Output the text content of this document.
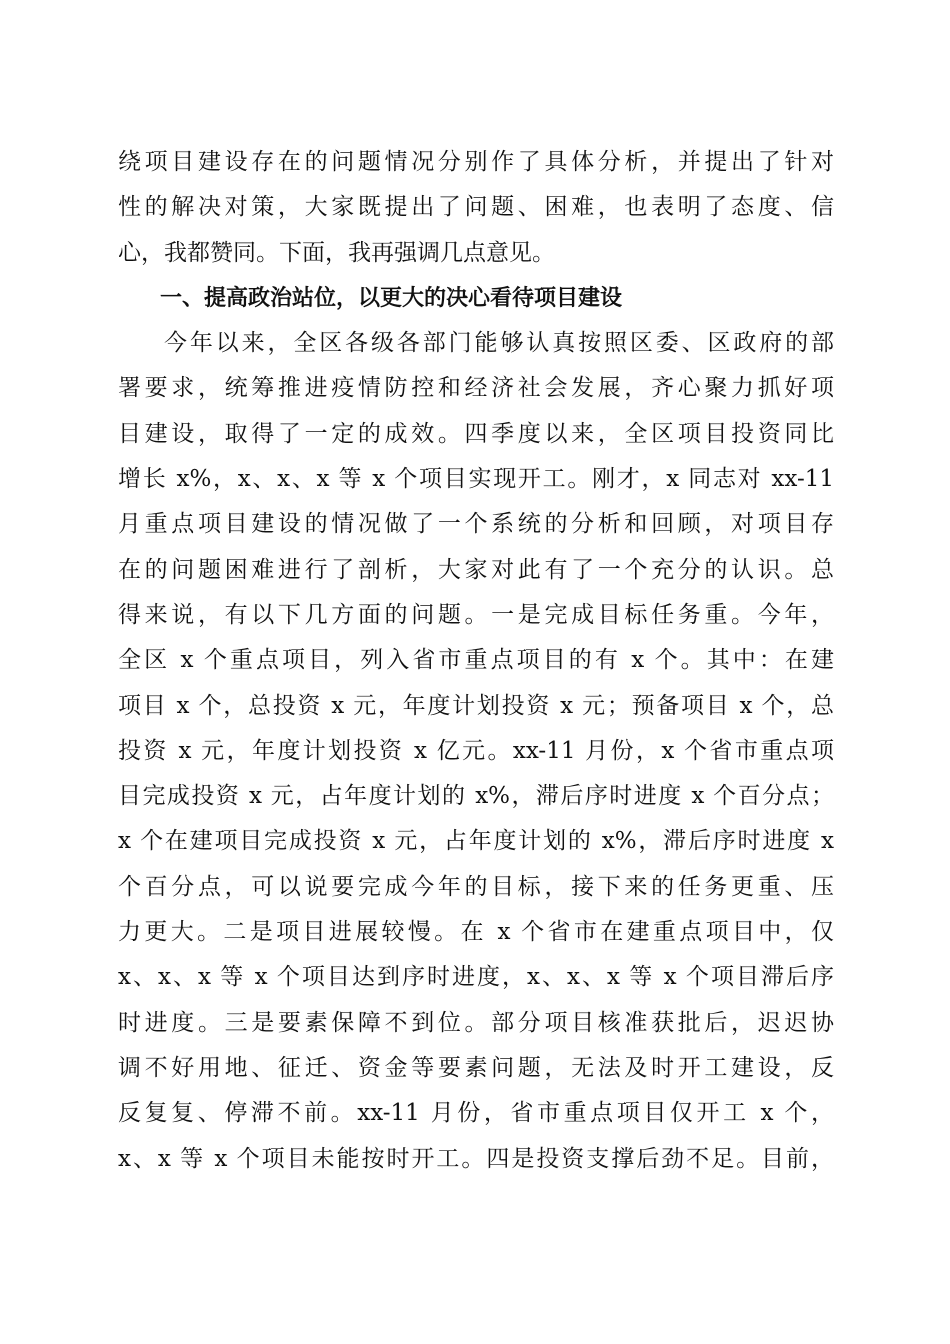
绕项目建设存在的问题情况分别作了具体分析，并提出了针对
性的解决对策，大家既提出了问题、困难，也表明了态度、信
心，我都赞同。下面，我再强调几点意见。
一、提高政治站位，以更大的决心看待项目建设
今年以来，全区各级各部门能够认真按照区委、区政府的部
署要求，统筹推进疫情防控和经济社会发展，齐心聚力抓好项
目建设，取得了一定的成效。四季度以来，全区项目投资同比
增长 x%，x、x、x 等 x 个项目实现开工。刚才，x 同志对 xx-11
月重点项目建设的情况做了一个系统的分析和回顾，对项目存
在的问题困难进行了剖析，大家对此有了一个充分的认识。总
得来说，有以下几方面的问题。一是完成目标任务重。今年，
全区 x 个重点项目，列入省市重点项目的有 x 个。其中：在建
项目 x 个，总投资 x 元，年度计划投资 x 元；预备项目 x 个，总
投资 x 元，年度计划投资 x 亿元。xx-11 月份，x 个省市重点项
目完成投资 x 元，占年度计划的 x%，滞后序时进度 x 个百分点；
x 个在建项目完成投资 x 元，占年度计划的 x%，滞后序时进度 x
个百分点，可以说要完成今年的目标，接下来的任务更重、压
力更大。二是项目进展较慢。在 x 个省市在建重点项目中，仅
x、x、x 等 x 个项目达到序时进度，x、x、x 等 x 个项目滞后序
时进度。三是要素保障不到位。部分项目核准获批后，迟迟协
调不好用地、征迁、资金等要素问题，无法及时开工建设，反
反复复、停滞不前。xx-11 月份，省市重点项目仅开工 x 个，
x、x 等 x 个项目未能按时开工。四是投资支撑后劲不足。目前，
